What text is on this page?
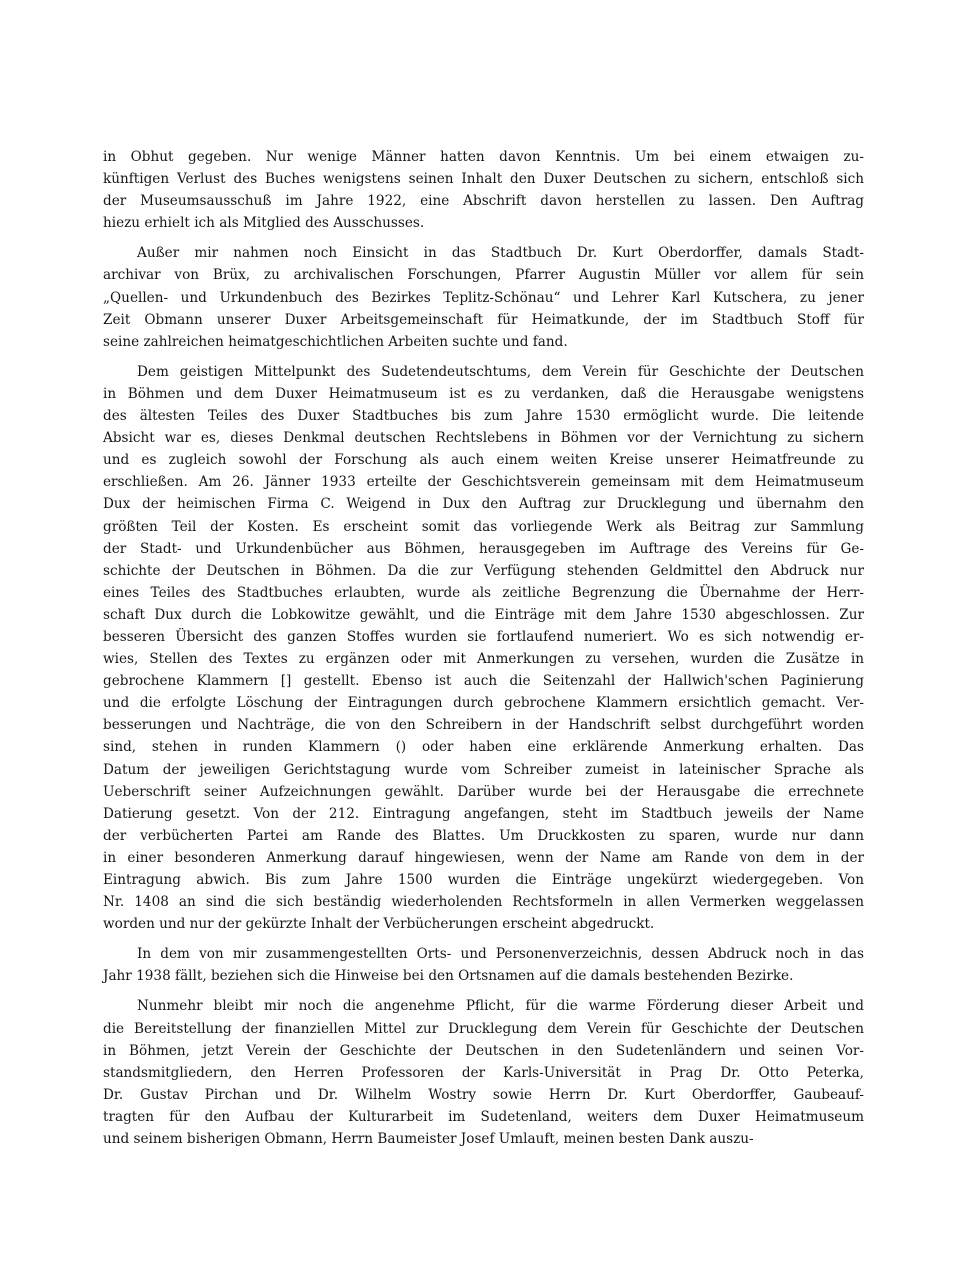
in Obhut gegeben. Nur wenige Männer hatten davon Kenntnis. Um bei einem etwaigen zu-
künftigen Verlust des Buches wenigstens seinen Inhalt den Duxer Deutschen zu sichern, entschloß sich
der Museumsausschuß im Jahre 1922, eine Abschrift davon herstellen zu lassen. Den Auftrag
hiezu erhielt ich als Mitglied des Ausschusses.

Außer mir nahmen noch Einsicht in das Stadtbuch Dr. Kurt Oberdorffer, damals Stadt-
archivar von Brüx, zu archivalischen Forschungen, Pfarrer Augustin Müller vor allem für sein
„Quellen- und Urkundenbuch des Bezirkes Teplitz-Schönau“ und Lehrer Karl Kutschera, zu jener
Zeit Obmann unserer Duxer Arbeitsgemeinschaft für Heimatkunde, der im Stadtbuch Stoff für
seine zahlreichen heimatgeschichtlichen Arbeiten suchte und fand.

Dem geistigen Mittelpunkt des Sudetendeutschtums, dem Verein für Geschichte der Deutschen
in Böhmen und dem Duxer Heimatmuseum ist es zu verdanken, daß die Herausgabe wenigstens
des ältesten Teiles des Duxer Stadtbuches bis zum Jahre 1530 ermöglicht wurde. Die leitende
Absicht war es, dieses Denkmal deutschen Rechtslebens in Böhmen vor der Vernichtung zu sichern
und es zugleich sowohl der Forschung als auch einem weiten Kreise unserer Heimatfreunde zu
erschließen. Am 26. Jänner 1933 erteilte der Geschichtsverein gemeinsam mit dem Heimatmuseum
Dux der heimischen Firma C. Weigend in Dux den Auftrag zur Drucklegung und übernahm den
größten Teil der Kosten. Es erscheint somit das vorliegende Werk als Beitrag zur Sammlung
der Stadt- und Urkundenbücher aus Böhmen, herausgegeben im Auftrage des Vereins für Ge-
schichte der Deutschen in Böhmen. Da die zur Verfügung stehenden Geldmittel den Abdruck nur
eines Teiles des Stadtbuches erlaubten, wurde als zeitliche Begrenzung die Übernahme der Herr-
schaft Dux durch die Lobkowitze gewählt, und die Einträge mit dem Jahre 1530 abgeschlossen. Zur
besseren Übersicht des ganzen Stoffes wurden sie fortlaufend numeriert. Wo es sich notwendig er-
wies, Stellen des Textes zu ergänzen oder mit Anmerkungen zu versehen, wurden die Zusätze in
gebrochene Klammern [] gestellt. Ebenso ist auch die Seitenzahl der Hallwich'schen Paginierung
und die erfolgte Löschung der Eintragungen durch gebrochene Klammern ersichtlich gemacht. Ver-
besserungen und Nachträge, die von den Schreibern in der Handschrift selbst durchgeführt worden
sind, stehen in runden Klammern () oder haben eine erklärende Anmerkung erhalten. Das
Datum der jeweiligen Gerichtstagung wurde vom Schreiber zumeist in lateinischer Sprache als
Ueberschrift seiner Aufzeichnungen gewählt. Darüber wurde bei der Herausgabe die errechnete
Datierung gesetzt. Von der 212. Eintragung angefangen, steht im Stadtbuch jeweils der Name
der verbücherten Partei am Rande des Blattes. Um Druckkosten zu sparen, wurde nur dann
in einer besonderen Anmerkung darauf hingewiesen, wenn der Name am Rande von dem in der
Eintragung abwich. Bis zum Jahre 1500 wurden die Einträge ungekürzt wiedergegeben. Von
Nr. 1408 an sind die sich beständig wiederholenden Rechtsformeln in allen Vermerken weggelassen
worden und nur der gekürzte Inhalt der Verbücherungen erscheint abgedruckt.

In dem von mir zusammengestellten Orts- und Personenverzeichnis, dessen Abdruck noch in das
Jahr 1938 fällt, beziehen sich die Hinweise bei den Ortsnamen auf die damals bestehenden Bezirke.

Nunmehr bleibt mir noch die angenehme Pflicht, für die warme Förderung dieser Arbeit und
die Bereitstellung der finanziellen Mittel zur Drucklegung dem Verein für Geschichte der Deutschen
in Böhmen, jetzt Verein der Geschichte der Deutschen in den Sudetenländern und seinen Vor-
standsmitgliedern, den Herren Professoren der Karls-Universität in Prag Dr. Otto Peterka,
Dr. Gustav Pirchan und Dr. Wilhelm Wostry sowie Herrn Dr. Kurt Oberdorffer, Gaubeauf-
tragten für den Aufbau der Kulturarbeit im Sudetenland, weiters dem Duxer Heimatmuseum
und seinem bisherigen Obmann, Herrn Baumeister Josef Umlauft, meinen besten Dank auszu-
